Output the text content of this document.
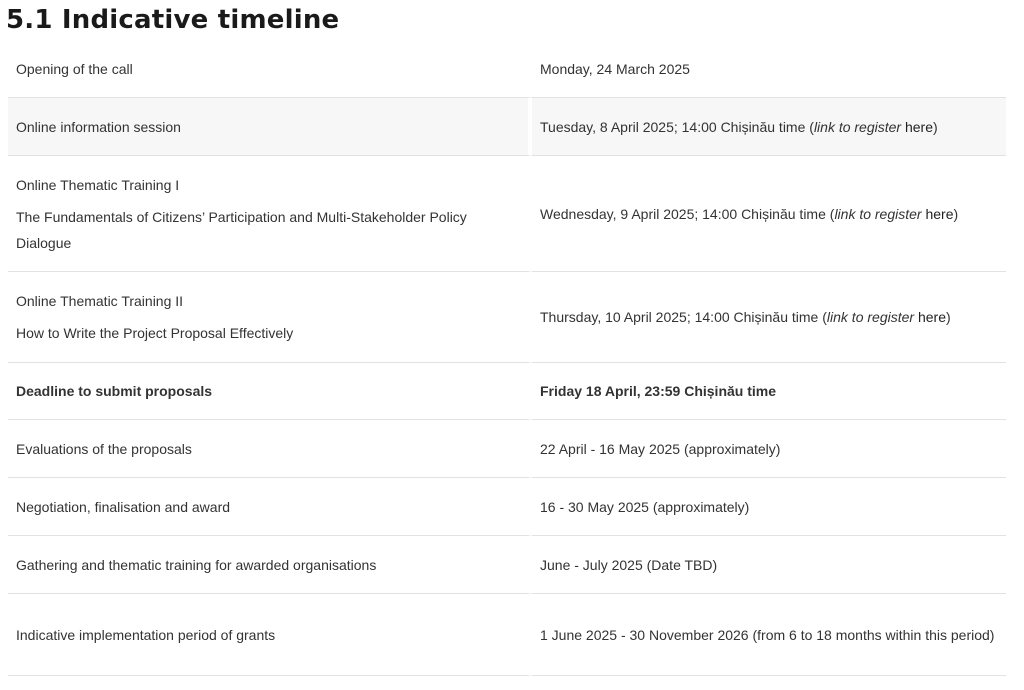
5.1 Indicative timeline
Opening of the call	Monday, 24 March 2025
Online information session	Tuesday, 8 April 2025; 14:00 Chișinău time (link to register here)

Online Thematic Training I
The Fundamentals of Citizens’ Participation and Multi-Stakeholder Policy Dialogue	Wednesday, 9 April 2025; 14:00 Chișinău time (link to register here)

Online Thematic Training II
How to Write the Project Proposal Effectively	Thursday, 10 April 2025; 14:00 Chișinău time (link to register here)
Deadline to submit proposals	Friday 18 April, 23:59 Chișinău time
Evaluations of the proposals	22 April - 16 May 2025 (approximately)
Negotiation, finalisation and award	16 - 30 May 2025 (approximately)
Gathering and thematic training for awarded organisations	June - July 2025 (Date TBD)
Indicative implementation period of grants	1 June 2025 - 30 November 2026 (from 6 to 18 months within this period)
